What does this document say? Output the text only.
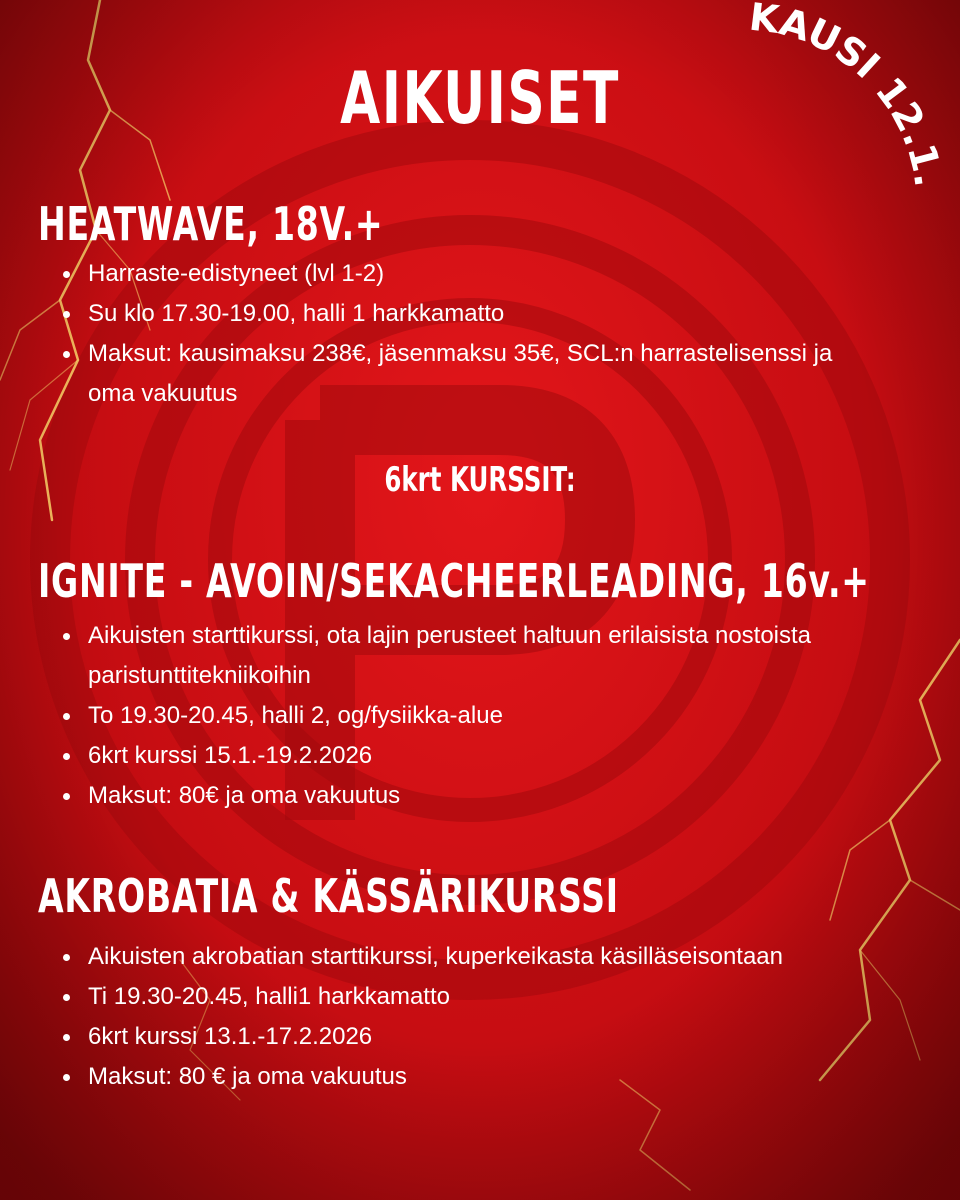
AIKUISET
KAUSI 12.1.
HEATWAVE, 18V.+
Harraste-edistyneet (lvl 1-2)
Su klo 17.30-19.00, halli 1 harkkamatto
Maksut: kausimaksu 238€, jäsenmaksu 35€, SCL:n harrastelisenssi ja oma vakuutus
6krt KURSSIT:
IGNITE - AVOIN/SEKACHEERLEADING, 16v.+
Aikuisten starttikurssi, ota lajin perusteet haltuun erilaisista nostoista paristunttitekniikoihin
To 19.30-20.45, halli 2, og/fysiikka-alue
6krt kurssi 15.1.-19.2.2026
Maksut: 80€ ja oma vakuutus
AKROBATIA & KÄSSÄRIKURSSI
Aikuisten akrobatian starttikurssi, kuperkeikasta käsilläseisontaan
Ti 19.30-20.45, halli1 harkkamatto
6krt kurssi 13.1.-17.2.2026
Maksut: 80 € ja oma vakuutus
